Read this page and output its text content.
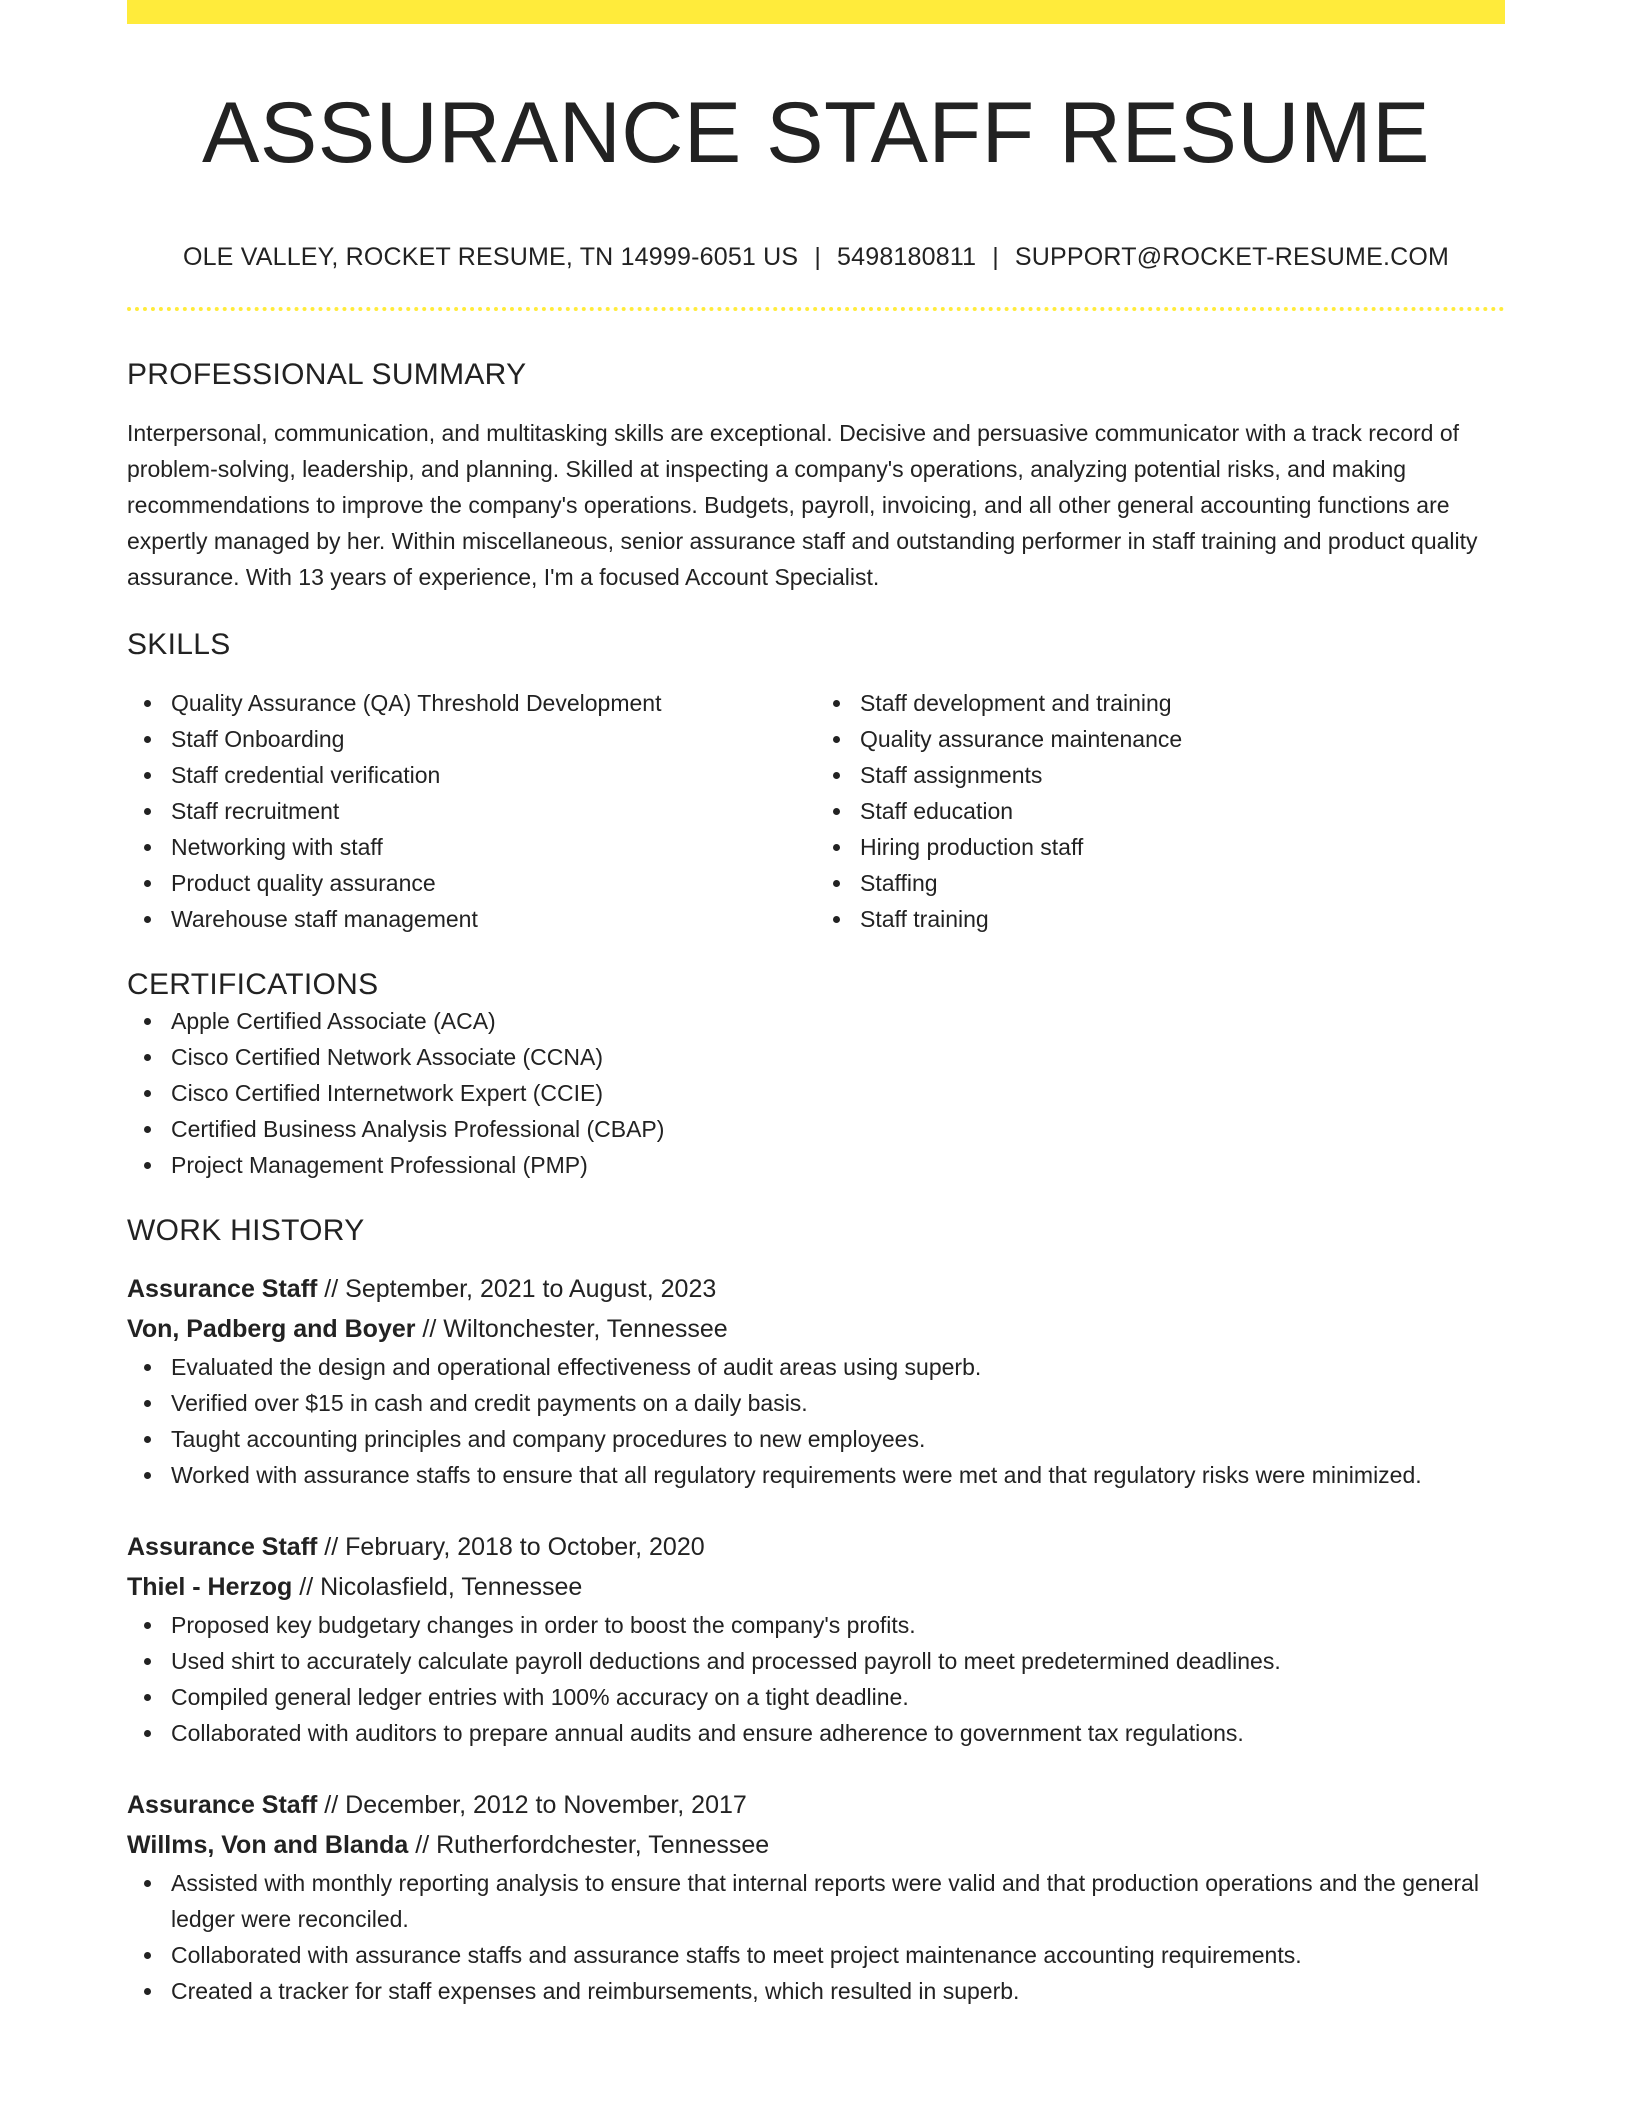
ASSURANCE STAFF RESUME
OLE VALLEY, ROCKET RESUME, TN 14999-6051 US | 5498180811 | SUPPORT@ROCKET-RESUME.COM
PROFESSIONAL SUMMARY

Interpersonal, communication, and multitasking skills are exceptional. Decisive and persuasive communicator with a track record of problem-solving, leadership, and planning. Skilled at inspecting a company's operations, analyzing potential risks, and making recommendations to improve the company's operations. Budgets, payroll, invoicing, and all other general accounting functions are expertly managed by her. Within miscellaneous, senior assurance staff and outstanding performer in staff training and product quality assurance. With 13 years of experience, I'm a focused Account Specialist.

SKILLS
Quality Assurance (QA) Threshold Development
Staff Onboarding
Staff credential verification
Staff recruitment
Networking with staff
Product quality assurance
Warehouse staff management
Staff development and training
Quality assurance maintenance
Staff assignments
Staff education
Hiring production staff
Staffing
Staff training
CERTIFICATIONS
Apple Certified Associate (ACA)
Cisco Certified Network Associate (CCNA)
Cisco Certified Internetwork Expert (CCIE)
Certified Business Analysis Professional (CBAP)
Project Management Professional (PMP)
WORK HISTORY
Assurance Staff // September, 2021 to August, 2023
Von, Padberg and Boyer // Wiltonchester, Tennessee
Evaluated the design and operational effectiveness of audit areas using superb.
Verified over $15 in cash and credit payments on a daily basis.
Taught accounting principles and company procedures to new employees.
Worked with assurance staffs to ensure that all regulatory requirements were met and that regulatory risks were minimized.
Assurance Staff // February, 2018 to October, 2020
Thiel - Herzog // Nicolasfield, Tennessee
Proposed key budgetary changes in order to boost the company's profits.
Used shirt to accurately calculate payroll deductions and processed payroll to meet predetermined deadlines.
Compiled general ledger entries with 100% accuracy on a tight deadline.
Collaborated with auditors to prepare annual audits and ensure adherence to government tax regulations.
Assurance Staff // December, 2012 to November, 2017
Willms, Von and Blanda // Rutherfordchester, Tennessee
Assisted with monthly reporting analysis to ensure that internal reports were valid and that production operations and the general ledger were reconciled.
Collaborated with assurance staffs and assurance staffs to meet project maintenance accounting requirements.
Created a tracker for staff expenses and reimbursements, which resulted in superb.
